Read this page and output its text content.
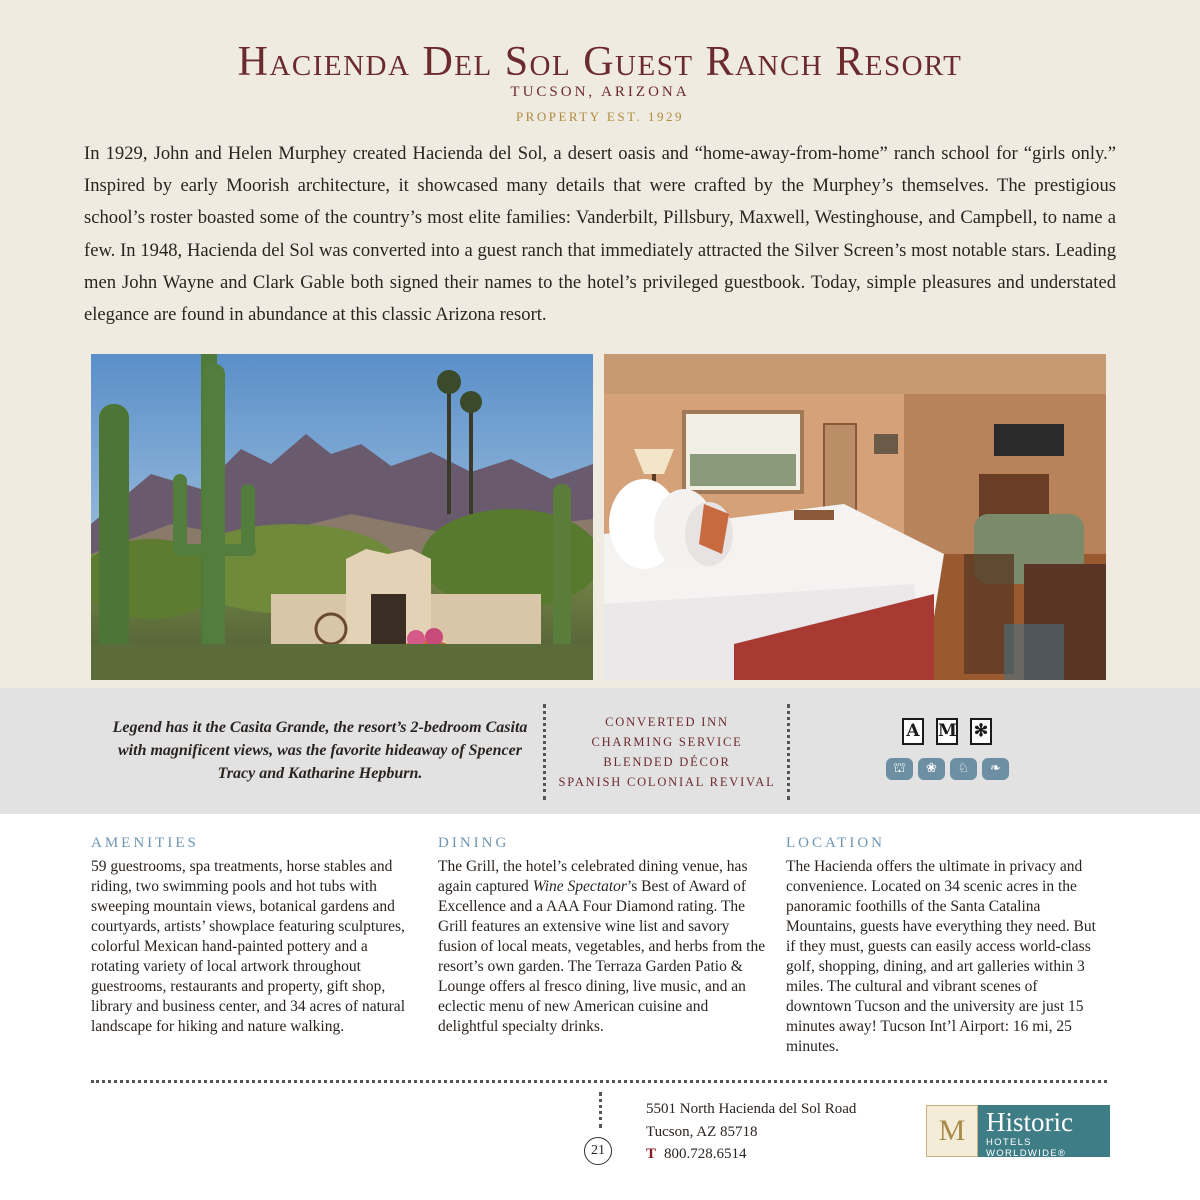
Hacienda Del Sol Guest Ranch Resort
TUCSON, ARIZONA
PROPERTY EST. 1929

In 1929, John and Helen Murphey created Hacienda del Sol, a desert oasis and “home-away-from-home” ranch school for “girls only.” Inspired by early Moorish architecture, it showcased many details that were crafted by the Murphey’s themselves. The prestigious school’s roster boasted some of the country’s most elite families: Vanderbilt, Pillsbury, Maxwell, Westinghouse, and Campbell, to name a few. In 1948, Hacienda del Sol was converted into a guest ranch that immediately attracted the Silver Screen’s most notable stars. Leading men John Wayne and Clark Gable both signed their names to the hotel’s privileged guestbook. Today, simple pleasures and understated elegance are found in abundance at this classic Arizona resort.

Legend has it the Casita Grande, the resort’s 2-bedroom Casita with magnificent views, was the favorite hideaway of Spencer Tracy and Katharine Hepburn.
CONVERTED INN
CHARMING SERVICE
BLENDED DÉCOR
SPANISH COLONIAL REVIVAL
A M ✻
⛫	❀	♘	❧
AMENITIES
59 guestrooms, spa treatments, horse stables and riding, two swimming pools and hot tubs with sweeping mountain views, botanical gardens and courtyards, artists’ showplace featuring sculptures, colorful Mexican hand-painted pottery and a rotating variety of local artwork throughout guestrooms, restaurants and property, gift shop, library and business center, and 34 acres of natural landscape for hiking and nature walking.
DINING
The Grill, the hotel’s celebrated dining venue, has again captured Wine Spectator’s Best of Award of Excellence and a AAA Four Diamond rating. The Grill features an extensive wine list and savory fusion of local meats, vegetables, and herbs from the resort’s own garden. The Terraza Garden Patio & Lounge offers al fresco dining, live music, and an eclectic menu of new American cuisine and delightful specialty drinks.
LOCATION
The Hacienda offers the ultimate in privacy and convenience. Located on 34 scenic acres in the panoramic foothills of the Santa Catalina Mountains, guests have everything they need. But if they must, guests can easily access world-class golf, shopping, dining, and art galleries within 3 miles. The cultural and vibrant scenes of downtown Tucson and the university are just 15 minutes away! Tucson Int’l Airport: 16 mi, 25 minutes.
21
5501 North Hacienda del Sol Road
Tucson, AZ 85718
T 800.728.6514
M Historic
HOTELS WORLDWIDE®
